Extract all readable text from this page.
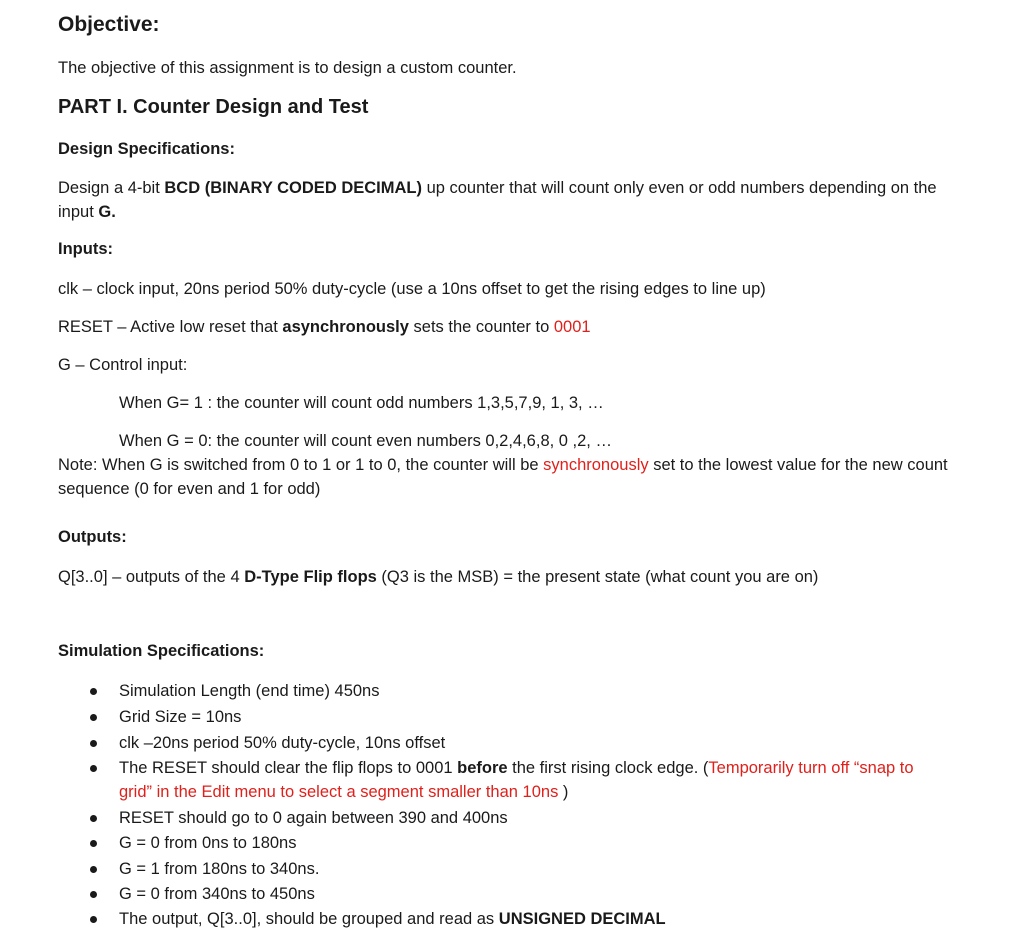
Objective:
The objective of this assignment is to design a custom counter.
PART I. Counter Design and Test
Design Specifications:
Design a 4-bit BCD (BINARY CODED DECIMAL) up counter that will count only even or odd numbers depending on the input G.
Inputs:
clk – clock input, 20ns period 50% duty-cycle (use a 10ns offset to get the rising edges to line up)
RESET – Active low reset that asynchronously sets the counter to 0001
G – Control input:
When G= 1 : the counter will count odd numbers 1,3,5,7,9, 1, 3, …
When G = 0: the counter will count even numbers 0,2,4,6,8, 0 ,2, …
Note: When G is switched from 0 to 1 or 1 to 0, the counter will be synchronously set to the lowest value for the new count sequence (0 for even and 1 for odd)
Outputs:
Q[3..0] – outputs of the 4 D-Type Flip flops (Q3 is the MSB) = the present state (what count you are on)
Simulation Specifications:
Simulation Length (end time) 450ns
Grid Size = 10ns
clk –20ns period 50% duty-cycle, 10ns offset
The RESET should clear the flip flops to 0001 before the first rising clock edge. (Temporarily turn off “snap to grid” in the Edit menu to select a segment smaller than 10ns )
RESET should go to 0 again between 390 and 400ns
G = 0 from 0ns to 180ns
G = 1 from 180ns to 340ns.
G = 0 from 340ns to 450ns
The output, Q[3..0], should be grouped and read as UNSIGNED DECIMAL
